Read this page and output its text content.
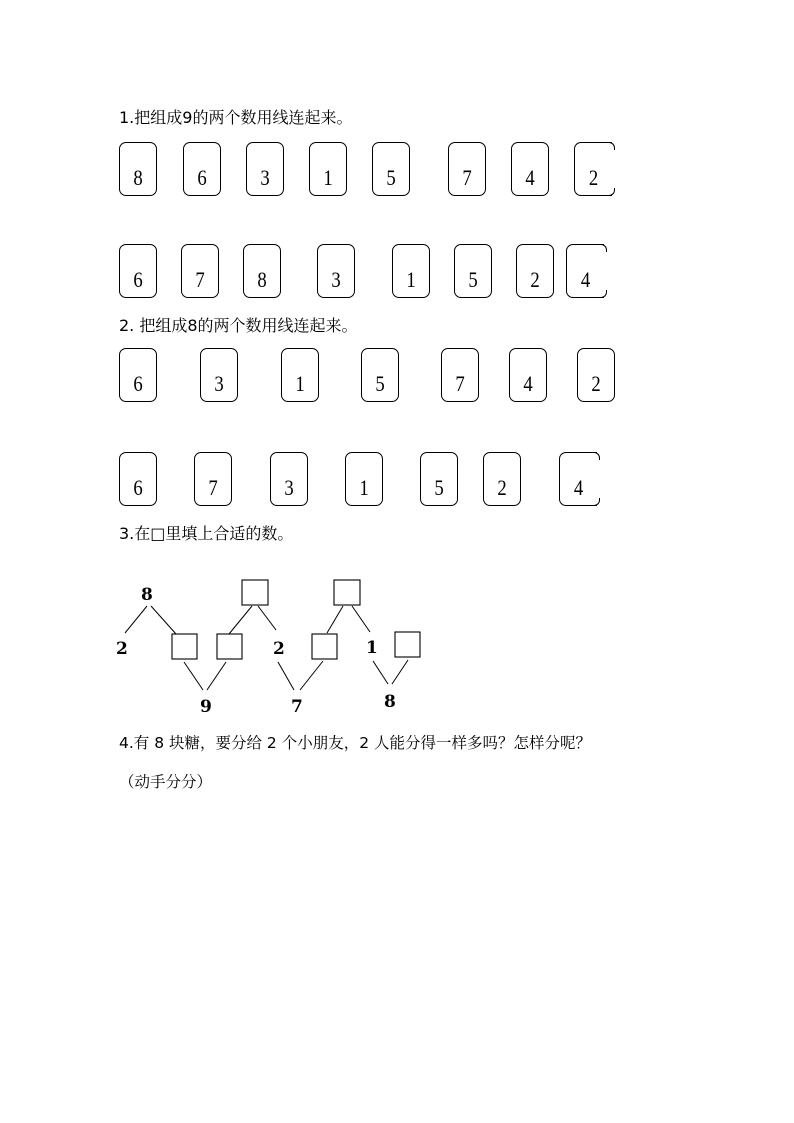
1.把组成9的两个数用线连起来。
8	6	3	1	5	7	4	2
6	7	8	3	1	5	2	4
2. 把组成8的两个数用线连起来。
6	3	1	5	7	4	2
6	7	3	1	5	2	4
3.在□里填上合适的数。
8
2
9
2
7
1
8
4.有 8 块糖，要分给 2 个小朋友，2 人能分得一样多吗？怎样分呢？
（动手分分）
